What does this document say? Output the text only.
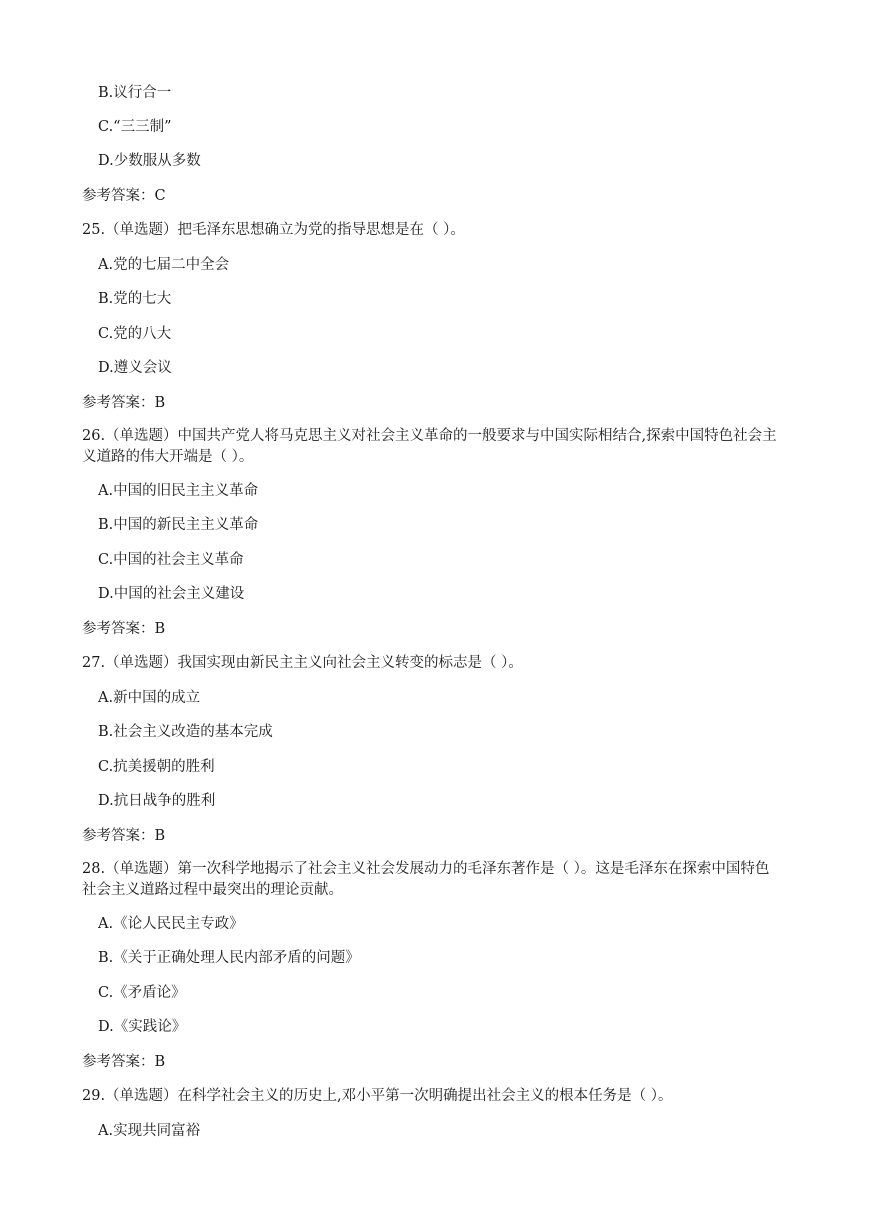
B.议行合一
C.“三三制”
D.少数服从多数
参考答案：C
25.（单选题）把毛泽东思想确立为党的指导思想是在（ ）。
A.党的七届二中全会
B.党的七大
C.党的八大
D.遵义会议
参考答案：B
26.（单选题）中国共产党人将马克思主义对社会主义革命的一般要求与中国实际相结合,探索中国特色社会主义道路的伟大开端是（ ）。
A.中国的旧民主主义革命
B.中国的新民主主义革命
C.中国的社会主义革命
D.中国的社会主义建设
参考答案：B
27.（单选题）我国实现由新民主主义向社会主义转变的标志是（ ）。
A.新中国的成立
B.社会主义改造的基本完成
C.抗美援朝的胜利
D.抗日战争的胜利
参考答案：B
28.（单选题）第一次科学地揭示了社会主义社会发展动力的毛泽东著作是（ ）。这是毛泽东在探索中国特色社会主义道路过程中最突出的理论贡献。
A.《论人民民主专政》
B.《关于正确处理人民内部矛盾的问题》
C.《矛盾论》
D.《实践论》
参考答案：B
29.（单选题）在科学社会主义的历史上,邓小平第一次明确提出社会主义的根本任务是（ ）。
A.实现共同富裕
